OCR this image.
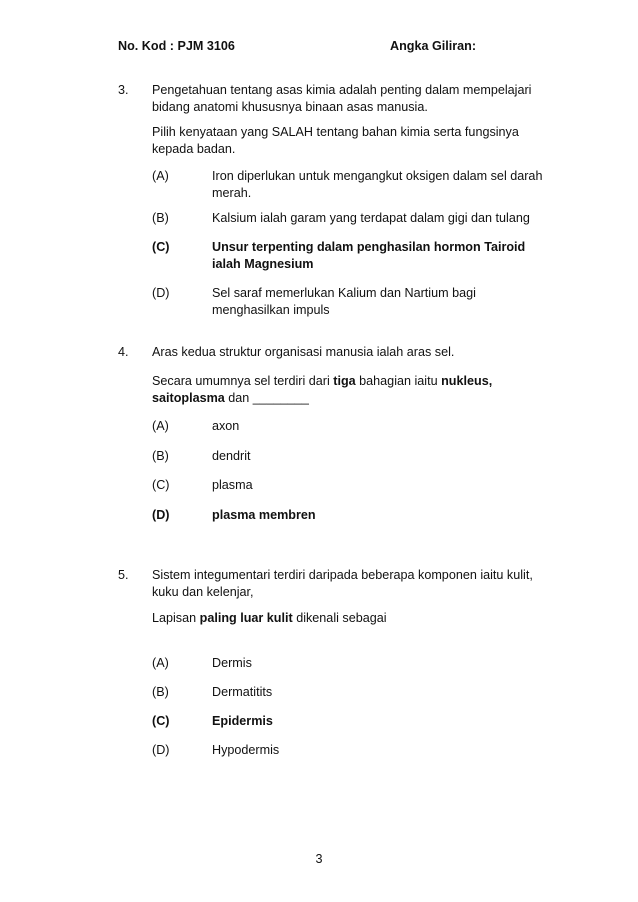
No. Kod : PJM 3106	Angka Giliran:
3. Pengetahuan tentang asas kimia adalah penting dalam mempelajari
bidang anatomi khususnya binaan asas manusia.
Pilih kenyataan yang SALAH tentang bahan kimia serta fungsinya
kepada badan.
(A)	Iron diperlukan untuk mengangkut oksigen dalam sel darah
merah.
(B)	Kalsium ialah garam yang terdapat dalam gigi dan tulang
(C)	Unsur terpenting dalam penghasilan hormon Tairoid
ialah Magnesium
(D)	Sel saraf memerlukan Kalium dan Nartium bagi
menghasilkan impuls
4. Aras kedua struktur organisasi manusia ialah aras sel.
Secara umumnya sel terdiri dari tiga bahagian iaitu nukleus,
saitoplasma dan ________
(A)	axon
(B)	dendrit
(C)	plasma
(D)	plasma membren
5. Sistem integumentari terdiri daripada beberapa komponen iaitu kulit,
kuku dan kelenjar,
Lapisan paling luar kulit dikenali sebagai
(A)	Dermis
(B)	Dermatitits
(C)	Epidermis
(D)	Hypodermis
3
